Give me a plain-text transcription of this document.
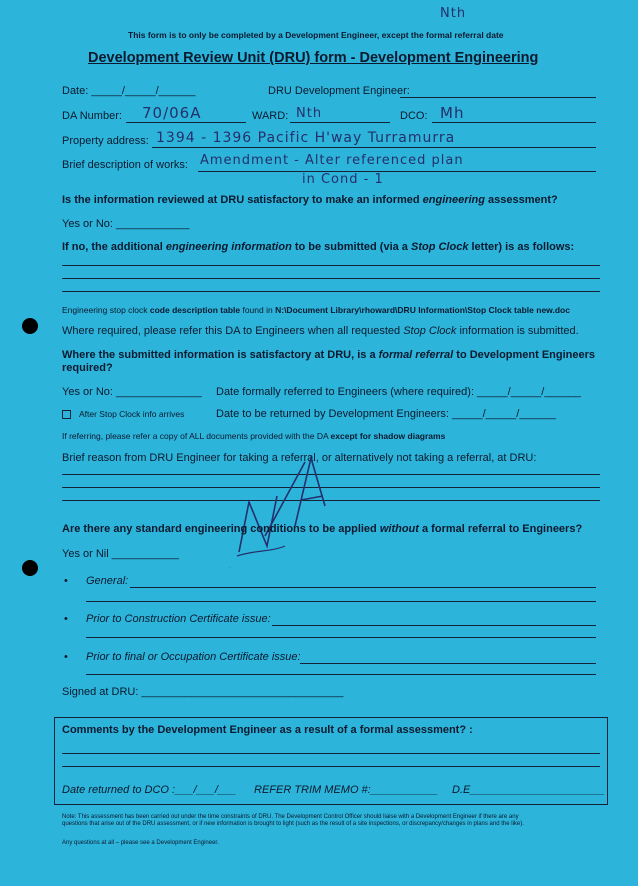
Nth
This form is to only be completed by a Development Engineer, except the formal referral date
Development Review Unit (DRU) form - Development Engineering
Date: _____/_____/______	DRU Development Engineer:
DA Number: 70/06A	WARD: Nth	DCO: Mh
Property address: 1394 - 1396 Pacific H'way Turramurra
Brief description of works: Amendment - Alter referenced plan
in Cond - 1
Is the information reviewed at DRU satisfactory to make an informed engineering assessment?
Yes or No: ____________
If no, the additional engineering information to be submitted (via a Stop Clock letter) is as follows:
Engineering stop clock code description table found in N:\Document Library\rhoward\DRU Information\Stop Clock table new.doc
Where required, please refer this DA to Engineers when all requested Stop Clock information is submitted.
Where the submitted information is satisfactory at DRU, is a formal referral to Development Engineers
required?
Yes or No: ______________ Date formally referred to Engineers (where required): _____/_____/______
After Stop Clock info arrives	Date to be returned by Development Engineers: _____/_____/______
If referring, please refer a copy of ALL documents provided with the DA except for shadow diagrams
Brief reason from DRU Engineer for taking a referral, or alternatively not taking a referral, at DRU:
N/A
Are there any standard engineering conditions to be applied without a formal referral to Engineers?
Yes or Nil ___________
• General:
• Prior to Construction Certificate issue:
• Prior to final or Occupation Certificate issue:
Signed at DRU: _________________________________
Comments by the Development Engineer as a result of a formal assessment? :
Date returned to DCO :___/___/___ REFER TRIM MEMO #:___________ D.E______________________
Note: This assessment has been carried out under the time constraints of DRU. The Development Control Officer should liaise with a Development Engineer if there are any
questions that arise out of the DRU assessment, or if new information is brought to light (such as the result of a site inspections, or discrepancy/changes in plans and the like).
Any questions at all – please see a Development Engineer.
